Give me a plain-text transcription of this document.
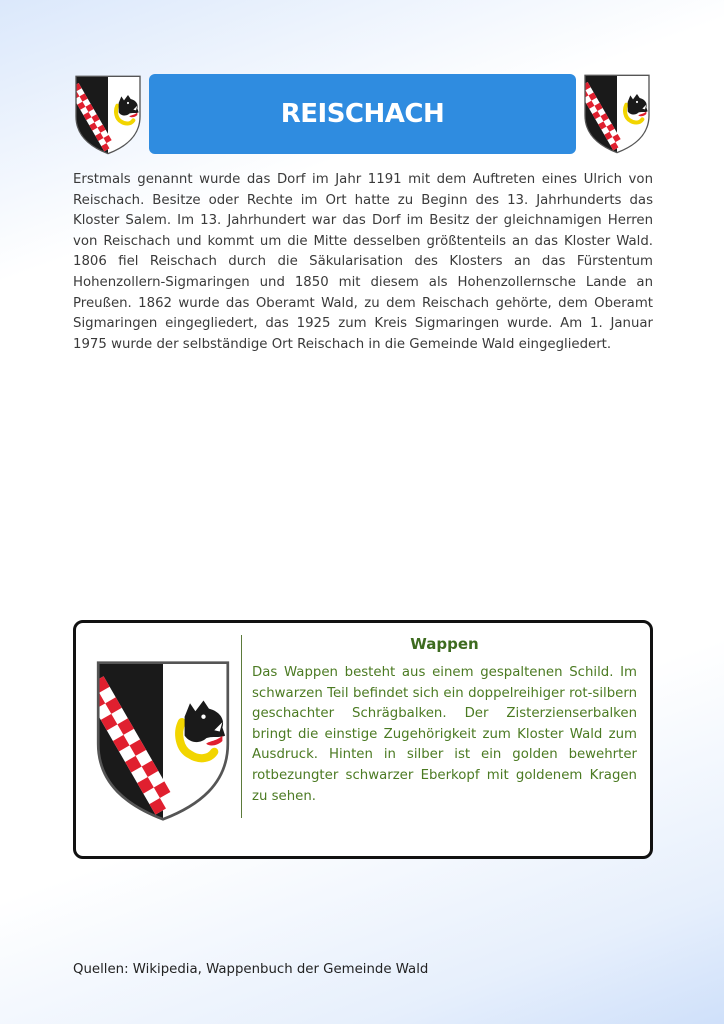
REISCHACH

Erstmals genannt wurde das Dorf im Jahr 1191 mit dem Auftreten eines Ulrich von Reischach. Besitze oder Rechte im Ort hatte zu Beginn des 13. Jahrhunderts das Kloster Salem. Im 13. Jahrhundert war das Dorf im Besitz der gleichnamigen Herren von Reischach und kommt um die Mitte desselben größtenteils an das Kloster Wald. 1806 fiel Reischach durch die Säkularisation des Klosters an das Fürstentum Hohenzollern-Sigmaringen und 1850 mit diesem als Hohenzollernsche Lande an Preußen. 1862 wurde das Oberamt Wald, zu dem Reischach gehörte, dem Oberamt Sigmaringen eingegliedert, das 1925 zum Kreis Sigmaringen wurde. Am 1. Januar 1975 wurde der selbständige Ort Reischach in die Gemeinde Wald eingegliedert.

Wappen

Das Wappen besteht aus einem gespaltenen Schild. Im schwarzen Teil befindet sich ein doppelreihiger rot-silbern geschachter Schrägbalken. Der Zisterzienserbalken bringt die einstige Zugehörigkeit zum Kloster Wald zum Ausdruck. Hinten in silber ist ein golden bewehrter rotbezungter schwarzer Eberkopf mit goldenem Kragen zu sehen.

Quellen: Wikipedia, Wappenbuch der Gemeinde Wald
